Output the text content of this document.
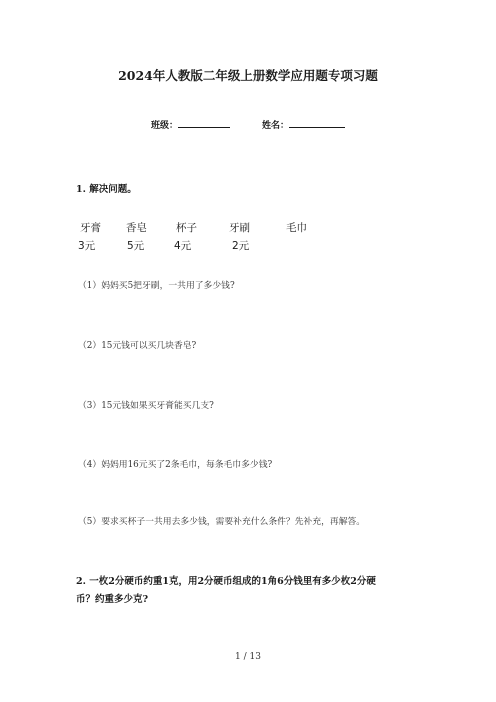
2024年人教版二年级上册数学应用题专项习题
班级：	姓名：
1. 解决问题。
牙膏 香皂	杯子	牙刷	毛巾
3元	5元	4元	2元
（1）妈妈买5把牙刷，一共用了多少钱?
（2）15元钱可以买几块香皂?
（3）15元钱如果买牙膏能买几支?
（4）妈妈用16元买了2条毛巾，每条毛巾多少钱?
（5）要求买杯子一共用去多少钱，需要补充什么条件？先补充，再解答。
2. 一枚2分硬币约重1克，用2分硬币组成的1角6分钱里有多少枚2分硬
币？约重多少克?
1 / 13
